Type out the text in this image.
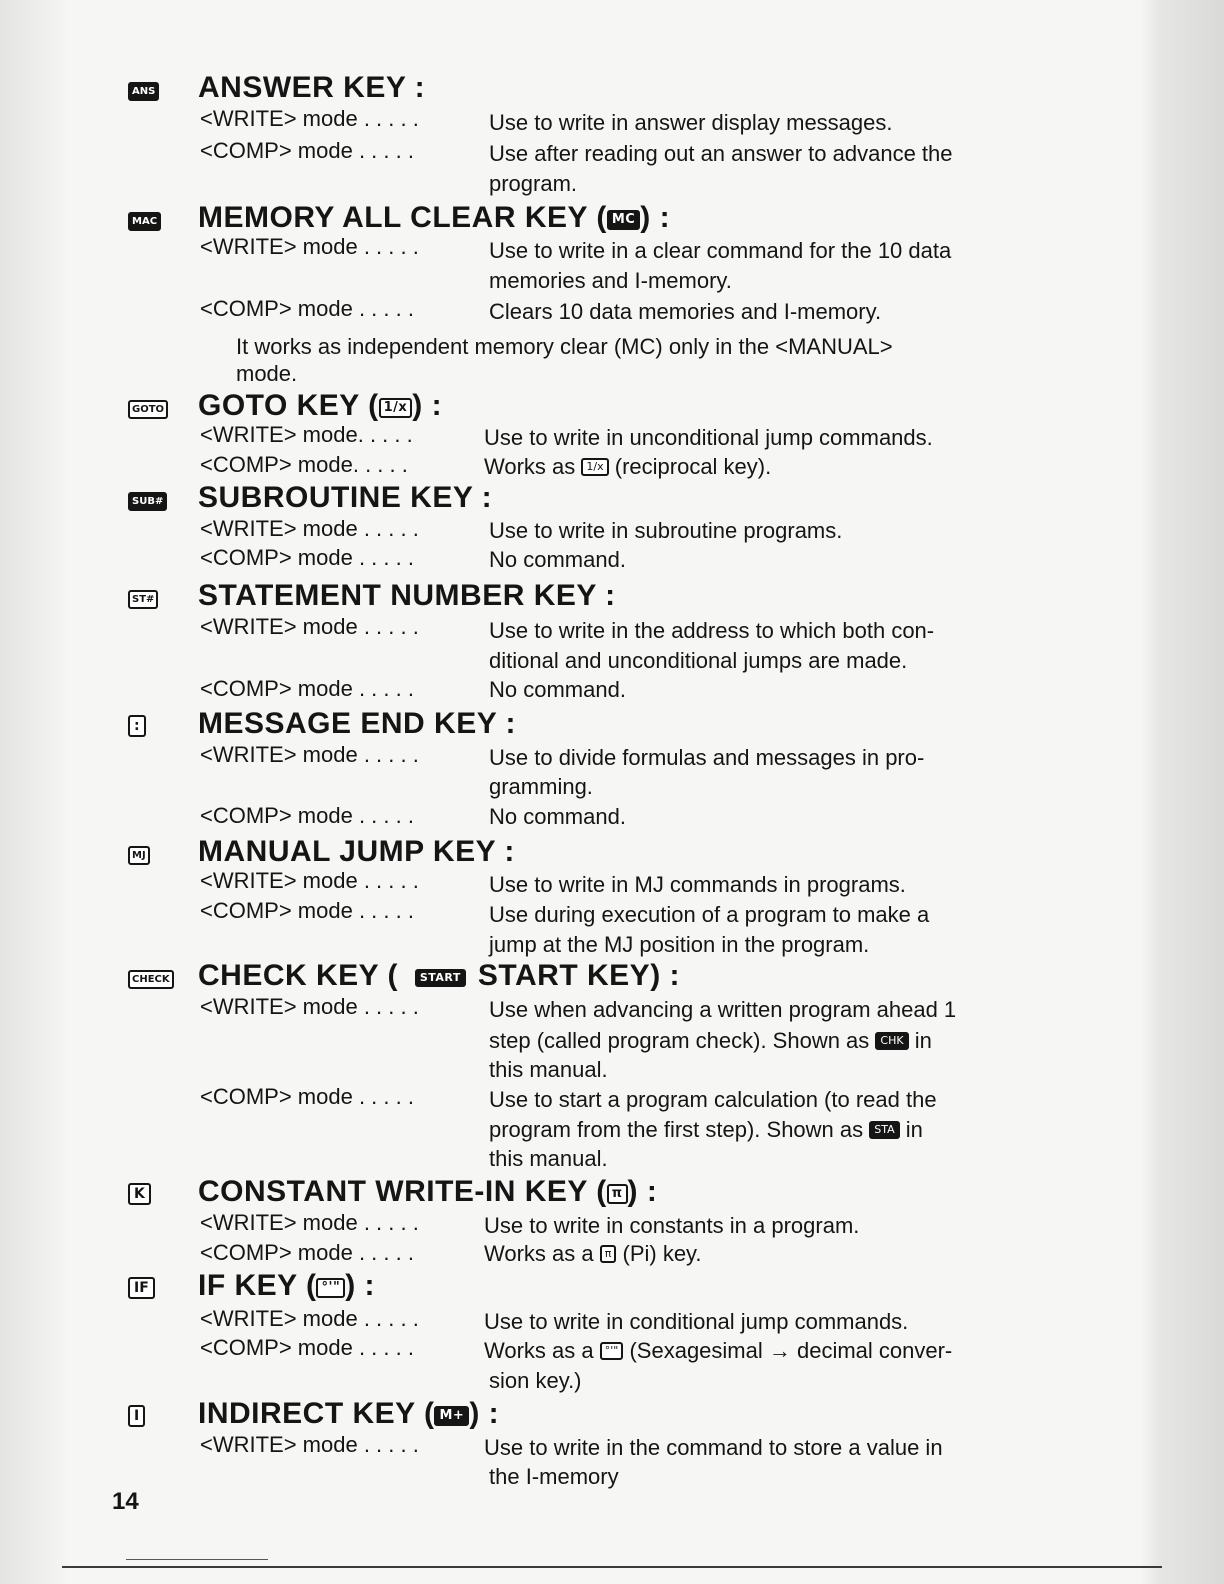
ANS ANSWER KEY :
<WRITE> mode . . . . .	Use to write in answer display messages.
<COMP> mode . . . . .	Use after reading out an answer to advance the
program.
MAC MEMORY ALL CLEAR KEY ( MC ) :
<WRITE> mode . . . . .	Use to write in a clear command for the 10 data
memories and I-memory.
<COMP> mode . . . . .	Clears 10 data memories and I-memory.
It works as independent memory clear (MC) only in the <MANUAL>
mode.
GOTO GOTO KEY ( 1/x ) :
<WRITE> mode. . . . .	Use to write in unconditional jump commands.
<COMP> mode. . . . .	Works as 1/x (reciprocal key).
SUB# SUBROUTINE KEY :
<WRITE> mode . . . . .	Use to write in subroutine programs.
<COMP> mode . . . . .	No command.
ST# STATEMENT NUMBER KEY :
<WRITE> mode . . . . .	Use to write in the address to which both con-
ditional and unconditional jumps are made.
<COMP> mode . . . . .	No command.
: MESSAGE END KEY :
<WRITE> mode . . . . .	Use to divide formulas and messages in pro-
gramming.
<COMP> mode . . . . .	No command.
MJ MANUAL JUMP KEY :
<WRITE> mode . . . . .	Use to write in MJ commands in programs.
<COMP> mode . . . . .	Use during execution of a program to make a
jump at the MJ position in the program.
CHECK CHECK KEY ( START START KEY) :
<WRITE> mode . . . . .	Use when advancing a written program ahead 1
step (called program check). Shown as CHK in
this manual.
<COMP> mode . . . . .	Use to start a program calculation (to read the
program from the first step). Shown as STA in
this manual.
K CONSTANT WRITE-IN KEY ( π ) :
<WRITE> mode . . . . .	Use to write in constants in a program.
<COMP> mode . . . . .	Works as a π (Pi) key.
IF IF KEY ( °'" ) :
<WRITE> mode . . . . .	Use to write in conditional jump commands.
<COMP> mode . . . . .	Works as a °'" (Sexagesimal → decimal conver-
sion key.)
I INDIRECT KEY ( M+ ) :
<WRITE> mode . . . . .	Use to write in the command to store a value in
the I-memory
14
